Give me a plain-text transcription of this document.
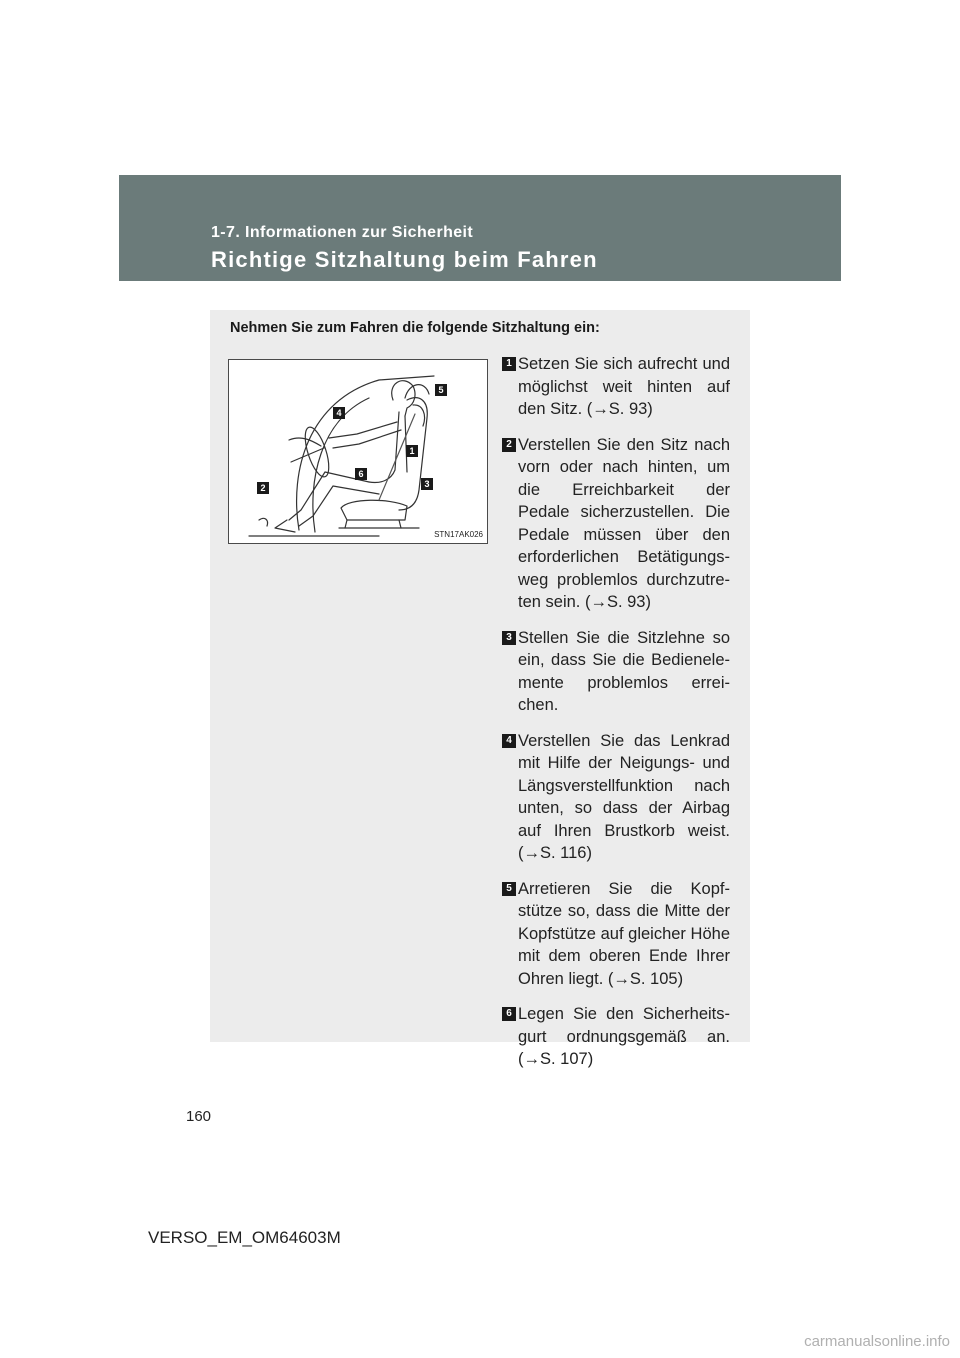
1-7. Informationen zur Sicherheit
Richtige Sitzhaltung beim Fahren
Nehmen Sie zum Fahren die folgende Sitzhaltung ein:
1
2	3
4
5
6
STN17AK026
1 Setzen Sie sich aufrecht und möglichst weit hinten auf den Sitz. (→S. 93)
2 Verstellen Sie den Sitz nach vorn oder nach hinten, um die Erreichbarkeit der Pedale sicherzustellen. Die Pedale müssen über den erforderlichen Betätigungs-weg problemlos durchzutre-ten sein. (→S. 93)
3 Stellen Sie die Sitzlehne so ein, dass Sie die Bedienele-mente problemlos errei-chen.
4 Verstellen Sie das Lenkrad mit Hilfe der Neigungs- und Längsverstellfunktion nach unten, so dass der Airbag auf Ihren Brustkorb weist. (→S. 116)
5 Arretieren Sie die Kopf-stütze so, dass die Mitte der Kopfstütze auf gleicher Höhe mit dem oberen Ende Ihrer Ohren liegt. (→S. 105)
6 Legen Sie den Sicherheits-gurt ordnungsgemäß an. (→S. 107)
160
VERSO_EM_OM64603M
carmanualsonline.info
